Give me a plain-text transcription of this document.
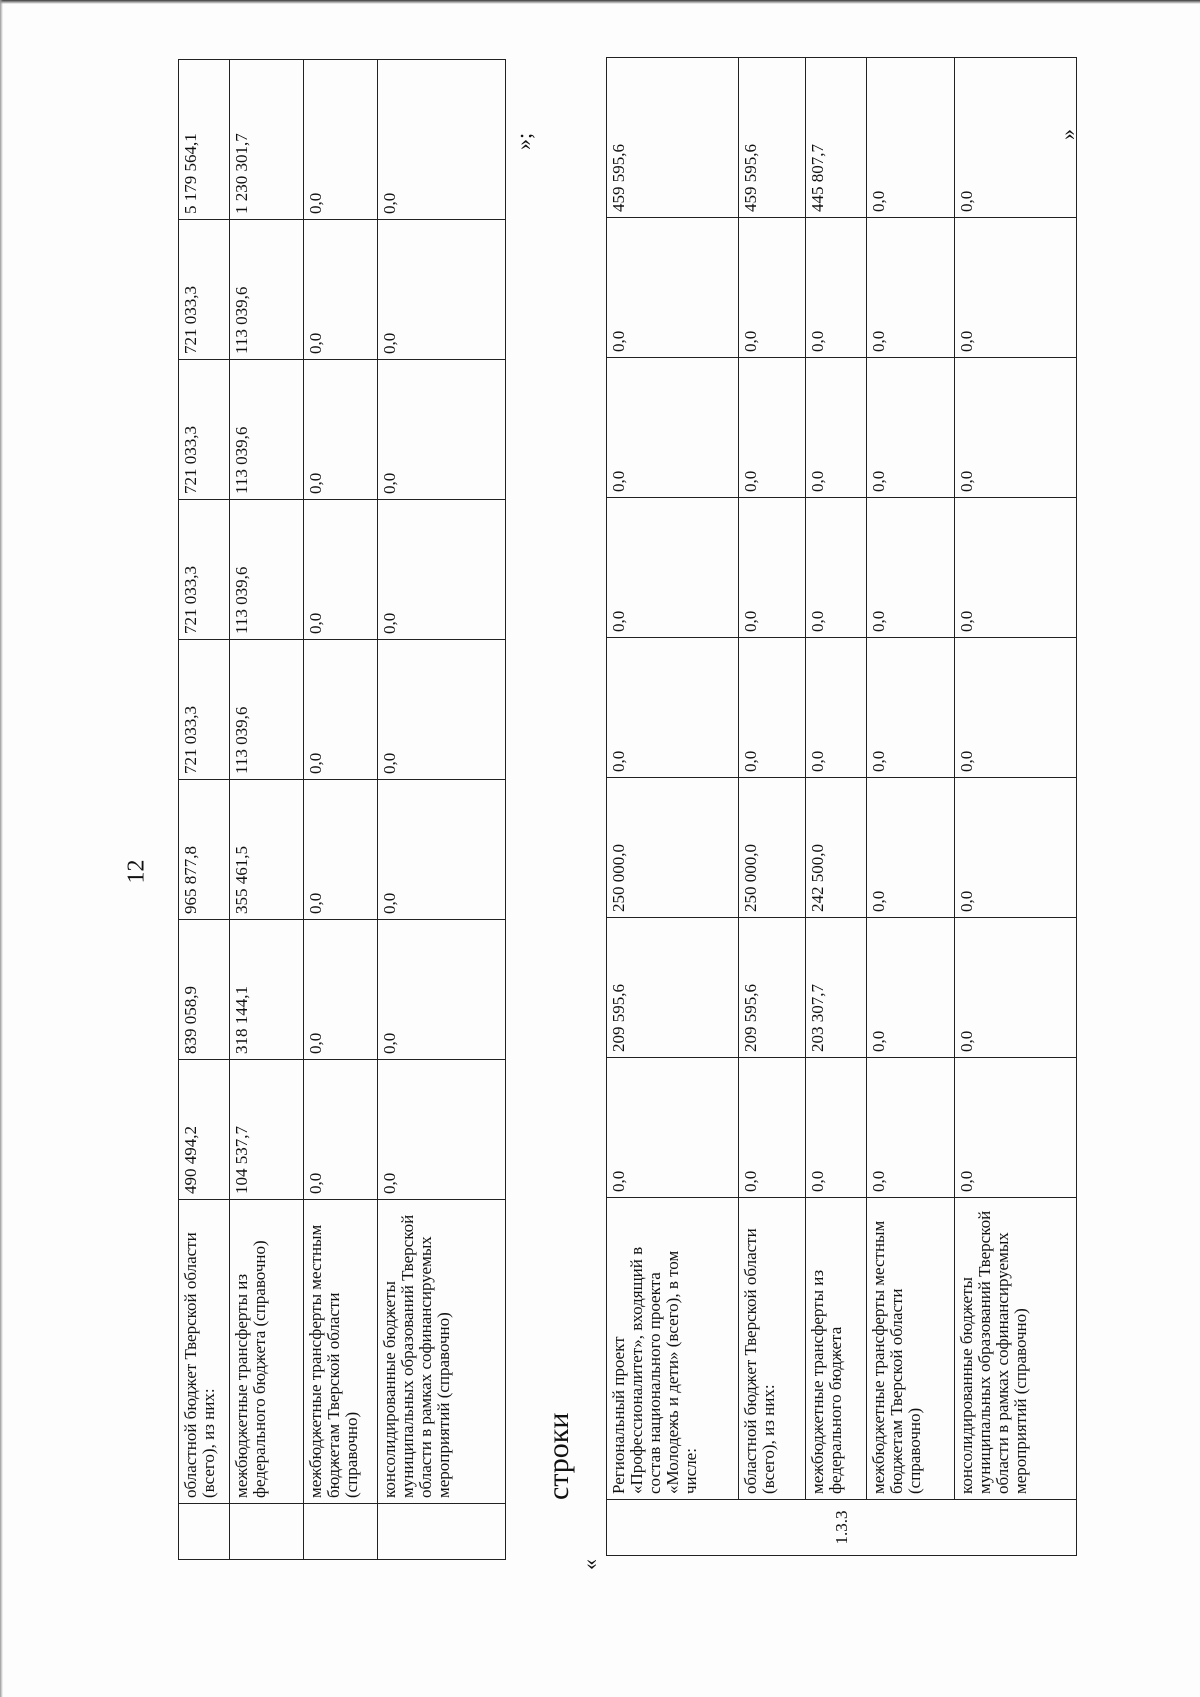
12
	областной бюджет Тверской области (всего), из них:	490 494,2	839 058,9	965 877,8	721 033,3	721 033,3	721 033,3	721 033,3	5 179 564,1
	межбюджетные трансферты из федерального бюджета (справочно)	104 537,7	318 144,1	355 461,5	113 039,6	113 039,6	113 039,6	113 039,6	1 230 301,7
	межбюджетные трансферты местным бюджетам Тверской области (справочно)	0,0	0,0	0,0	0,0	0,0	0,0	0,0	0,0
	консолидированные бюджеты муниципальных образований Тверской области в рамках софинансируемых мероприятий (справочно)	0,0	0,0	0,0	0,0	0,0	0,0	0,0	0,0
»;
строки
«
1.3.3	Региональный проект «Профессионалитет», входящий в состав национального проекта «Молодежь и дети» (всего), в том числе:	0,0	209 595,6	250 000,0	0,0	0,0	0,0	0,0	459 595,6
	областной бюджет Тверской области (всего), из них:	0,0	209 595,6	250 000,0	0,0	0,0	0,0	0,0	459 595,6
	межбюджетные трансферты из федерального бюджета	0,0	203 307,7	242 500,0	0,0	0,0	0,0	0,0	445 807,7
	межбюджетные трансферты местным бюджетам Тверской области (справочно)	0,0	0,0	0,0	0,0	0,0	0,0	0,0	0,0
	консолидированные бюджеты муниципальных образований Тверской области в рамках софинансируемых мероприятий (справочно)	0,0	0,0	0,0	0,0	0,0	0,0	0,0	0,0
»
